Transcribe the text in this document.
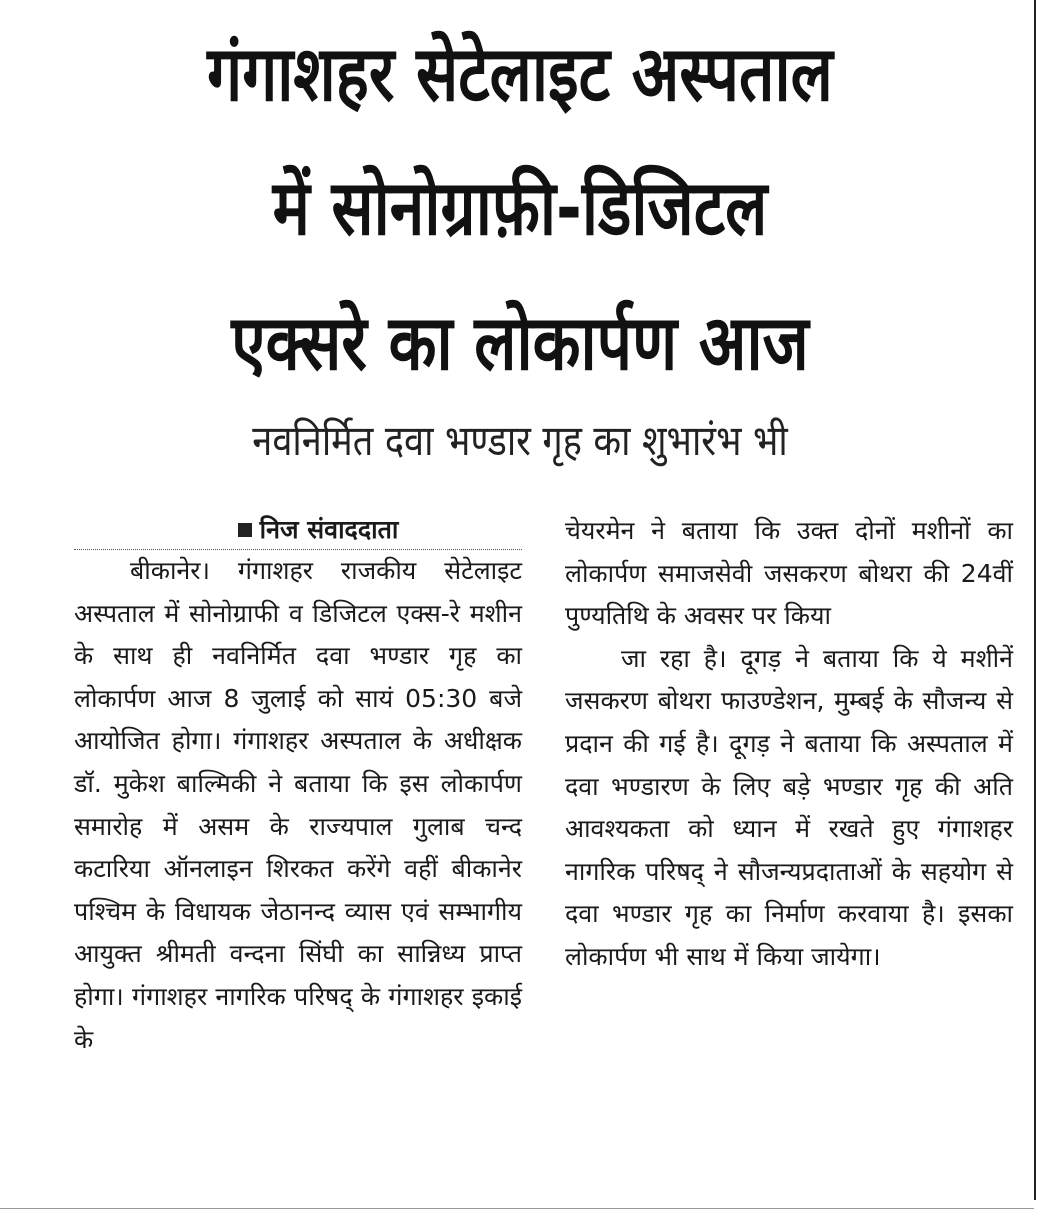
गंगाशहर सेटेलाइट अस्पताल
में सोनोग्राफ़ी-डिजिटल
एक्सरे का लोकार्पण आज
नवनिर्मित दवा भण्डार गृह का शुभारंभ भी
निज संवाददाता

बीकानेर। गंगाशहर राजकीय सेटेलाइट अस्पताल में सोनोग्राफी व डिजिटल एक्स-रे मशीन के साथ ही नवनिर्मित दवा भण्डार गृह का लोकार्पण आज 8 जुलाई को सायं 05:30 बजे आयोजित होगा। गंगाशहर अस्पताल के अधीक्षक डॉ. मुकेश बाल्मिकी ने बताया कि इस लोकार्पण समारोह में असम के राज्यपाल गुलाब चन्द कटारिया ऑनलाइन शिरकत करेंगे वहीं बीकानेर पश्चिम के विधायक जेठानन्द व्यास एवं सम्भागीय आयुक्त श्रीमती वन्दना सिंघी का सान्निध्य प्राप्त होगा। गंगाशहर नागरिक परिषद् के गंगाशहर इकाई के

चेयरमेन ने बताया कि उक्त दोनों मशीनों का लोकार्पण समाजसेवी जसकरण बोथरा की 24वीं पुण्यतिथि के अवसर पर किया

जा रहा है। दूगड़ ने बताया कि ये मशीनें जसकरण बोथरा फाउण्डेशन, मुम्बई के सौजन्य से प्रदान की गई है। दूगड़ ने बताया कि अस्पताल में दवा भण्डारण के लिए बड़े भण्डार गृह की अति आवश्यकता को ध्यान में रखते हुए गंगाशहर नागरिक परिषद् ने सौजन्यप्रदाताओं के सहयोग से दवा भण्डार गृह का निर्माण करवाया है। इसका लोकार्पण भी साथ में किया जायेगा।
